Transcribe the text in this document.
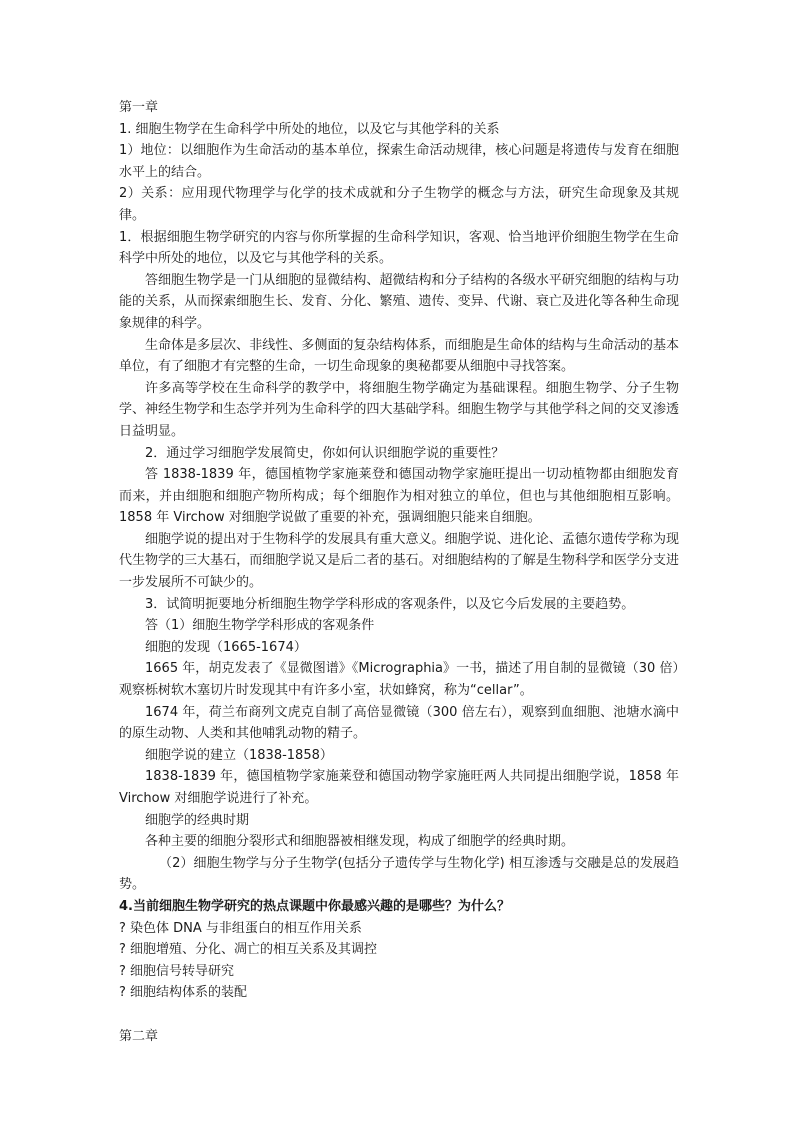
第一章

1. 细胞生物学在生命科学中所处的地位，以及它与其他学科的关系

1）地位：以细胞作为生命活动的基本单位，探索生命活动规律，核心问题是将遗传与发育在细胞水平上的结合。

2）关系：应用现代物理学与化学的技术成就和分子生物学的概念与方法，研究生命现象及其规律。

1．根据细胞生物学研究的内容与你所掌握的生命科学知识，客观、恰当地评价细胞生物学在生命科学中所处的地位，以及它与其他学科的关系。

答细胞生物学是一门从细胞的显微结构、超微结构和分子结构的各级水平研究细胞的结构与功能的关系，从而探索细胞生长、发育、分化、繁殖、遗传、变异、代谢、衰亡及进化等各种生命现象规律的科学。

生命体是多层次、非线性、多侧面的复杂结构体系，而细胞是生命体的结构与生命活动的基本单位，有了细胞才有完整的生命，一切生命现象的奥秘都要从细胞中寻找答案。

许多高等学校在生命科学的教学中，将细胞生物学确定为基础课程。细胞生物学、分子生物学、神经生物学和生态学并列为生命科学的四大基础学科。细胞生物学与其他学科之间的交叉渗透日益明显。

2．通过学习细胞学发展简史，你如何认识细胞学说的重要性？

答 1838-1839 年，德国植物学家施莱登和德国动物学家施旺提出一切动植物都由细胞发育而来，并由细胞和细胞产物所构成；每个细胞作为相对独立的单位，但也与其他细胞相互影响。1858 年 Virchow 对细胞学说做了重要的补充，强调细胞只能来自细胞。

细胞学说的提出对于生物科学的发展具有重大意义。细胞学说、进化论、孟德尔遗传学称为现代生物学的三大基石，而细胞学说又是后二者的基石。对细胞结构的了解是生物科学和医学分支进一步发展所不可缺少的。

3．试简明扼要地分析细胞生物学学科形成的客观条件，以及它今后发展的主要趋势。

答（1）细胞生物学学科形成的客观条件

细胞的发现（1665-1674）

1665 年，胡克发表了《显微图谱》《Micrographia》一书，描述了用自制的显微镜（30 倍）观察栎树软木塞切片时发现其中有许多小室，状如蜂窝，称为“cellar”。

1674 年，荷兰布商列文虎克自制了高倍显微镜（300 倍左右），观察到血细胞、池塘水滴中的原生动物、人类和其他哺乳动物的精子。

细胞学说的建立（1838-1858）

1838-1839 年，德国植物学家施莱登和德国动物学家施旺两人共同提出细胞学说，1858 年 Virchow 对细胞学说进行了补充。

细胞学的经典时期

各种主要的细胞分裂形式和细胞器被相继发现，构成了细胞学的经典时期。

（2）细胞生物学与分子生物学(包括分子遗传学与生物化学) 相互渗透与交融是总的发展趋势。

4.当前细胞生物学研究的热点课题中你最感兴趣的是哪些？为什么？

? 染色体 DNA 与非组蛋白的相互作用关系

? 细胞增殖、分化、凋亡的相互关系及其调控

? 细胞信号转导研究

? 细胞结构体系的装配

第二章
